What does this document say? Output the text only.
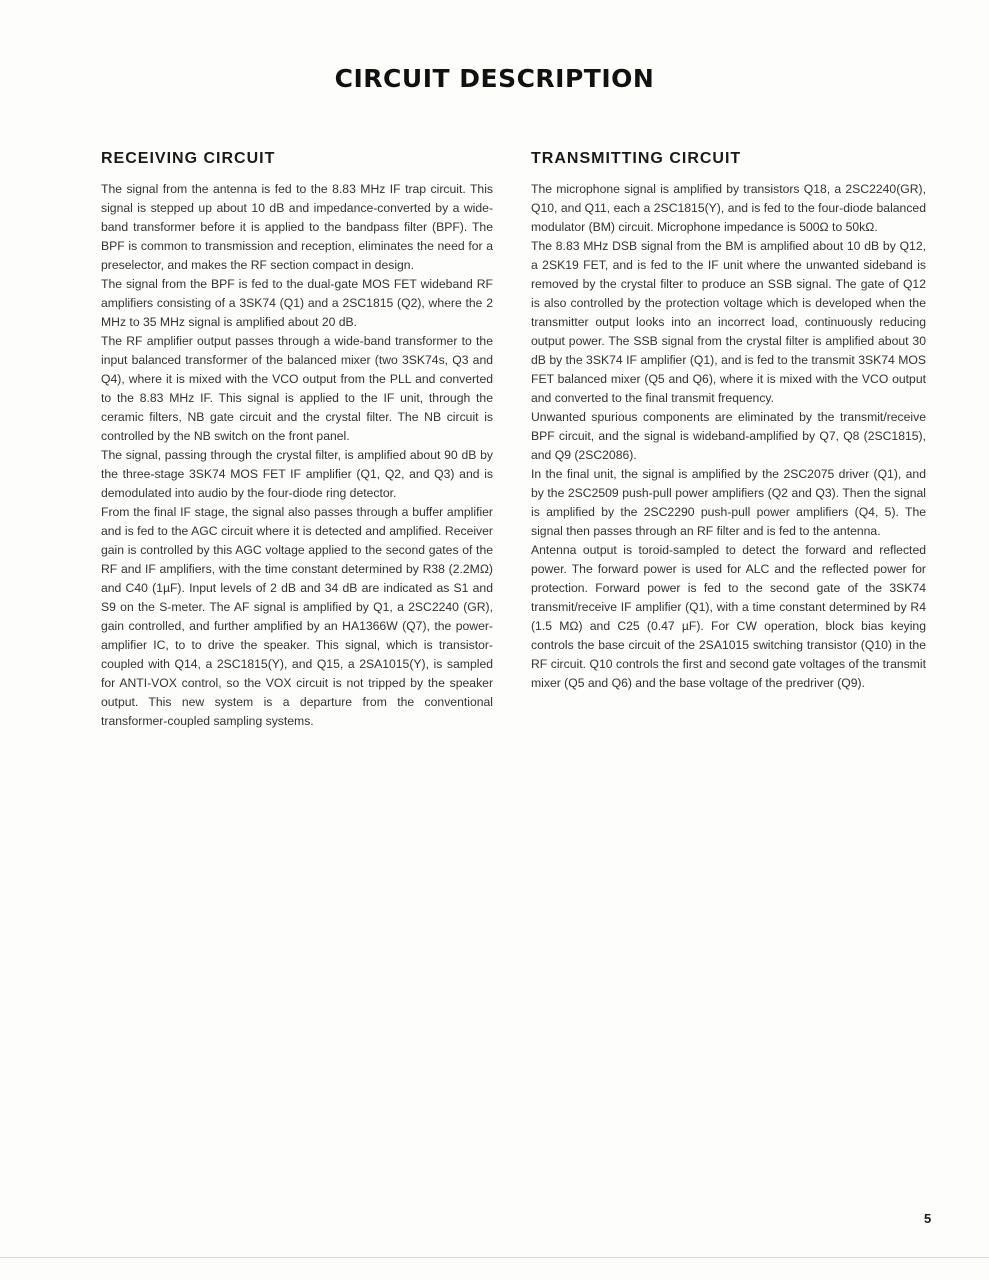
CIRCUIT DESCRIPTION
RECEIVING CIRCUIT

The signal from the antenna is fed to the 8.83 MHz IF trap circuit. This signal is stepped up about 10 dB and impedance-converted by a wide-band transformer before it is applied to the bandpass filter (BPF). The BPF is common to transmission and reception, eliminates the need for a preselector, and makes the RF section compact in design.

The signal from the BPF is fed to the dual-gate MOS FET wideband RF amplifiers consisting of a 3SK74 (Q1) and a 2SC1815 (Q2), where the 2 MHz to 35 MHz signal is amplified about 20 dB.

The RF amplifier output passes through a wide-band transformer to the input balanced transformer of the balanced mixer (two 3SK74s, Q3 and Q4), where it is mixed with the VCO output from the PLL and converted to the 8.83 MHz IF. This signal is applied to the IF unit, through the ceramic filters, NB gate circuit and the crystal filter. The NB circuit is controlled by the NB switch on the front panel.

The signal, passing through the crystal filter, is amplified about 90 dB by the three-stage 3SK74 MOS FET IF amplifier (Q1, Q2, and Q3) and is demodulated into audio by the four-diode ring detector.

From the final IF stage, the signal also passes through a buffer amplifier and is fed to the AGC circuit where it is detected and amplified. Receiver gain is controlled by this AGC voltage applied to the second gates of the RF and IF amplifiers, with the time constant determined by R38 (2.2MΩ) and C40 (1µF). Input levels of 2 dB and 34 dB are indicated as S1 and S9 on the S-meter. The AF signal is amplified by Q1, a 2SC2240 (GR), gain controlled, and further amplified by an HA1366W (Q7), the power-amplifier IC, to to drive the speaker. This signal, which is transistor-coupled with Q14, a 2SC1815(Y), and Q15, a 2SA1015(Y), is sampled for ANTI-VOX control, so the VOX circuit is not tripped by the speaker output. This new system is a departure from the conventional transformer-coupled sampling systems.

TRANSMITTING CIRCUIT

The microphone signal is amplified by transistors Q18, a 2SC2240(GR), Q10, and Q11, each a 2SC1815(Y), and is fed to the four-diode balanced modulator (BM) circuit. Microphone impedance is 500Ω to 50kΩ.

The 8.83 MHz DSB signal from the BM is amplified about 10 dB by Q12, a 2SK19 FET, and is fed to the IF unit where the unwanted sideband is removed by the crystal filter to produce an SSB signal. The gate of Q12 is also controlled by the protection voltage which is developed when the transmitter output looks into an incorrect load, continuously reducing output power. The SSB signal from the crystal filter is amplified about 30 dB by the 3SK74 IF amplifier (Q1), and is fed to the transmit 3SK74 MOS FET balanced mixer (Q5 and Q6), where it is mixed with the VCO output and converted to the final transmit frequency.

Unwanted spurious components are eliminated by the transmit/receive BPF circuit, and the signal is wideband-amplified by Q7, Q8 (2SC1815), and Q9 (2SC2086).

In the final unit, the signal is amplified by the 2SC2075 driver (Q1), and by the 2SC2509 push-pull power amplifiers (Q2 and Q3). Then the signal is amplified by the 2SC2290 push-pull power amplifiers (Q4, 5). The signal then passes through an RF filter and is fed to the antenna.

Antenna output is toroid-sampled to detect the forward and reflected power. The forward power is used for ALC and the reflected power for protection. Forward power is fed to the second gate of the 3SK74 transmit/receive IF amplifier (Q1), with a time constant determined by R4 (1.5 MΩ) and C25 (0.47 µF). For CW operation, block bias keying controls the base circuit of the 2SA1015 switching transistor (Q10) in the RF circuit. Q10 controls the first and second gate voltages of the transmit mixer (Q5 and Q6) and the base voltage of the predriver (Q9).

5
